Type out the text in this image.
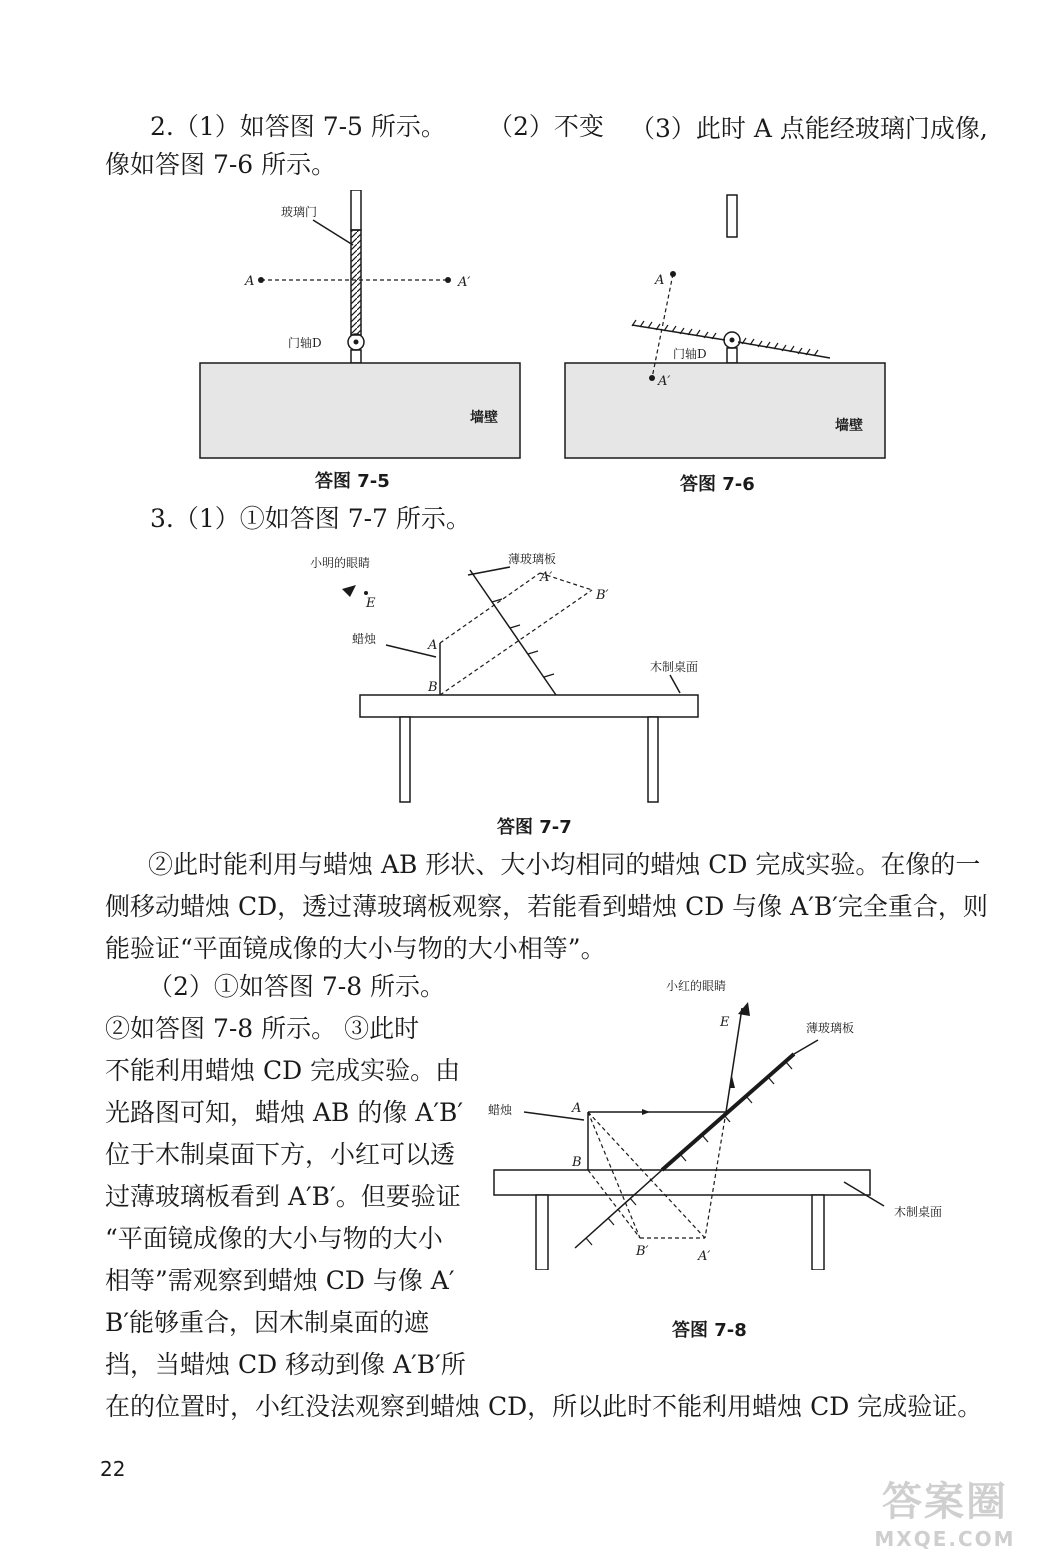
2.（1）如答图 7-5 所示。 （2）不变 （3）此时 A 点能经玻璃门成像,
像如答图 7-6 所示。
玻璃门
A	A′
门轴D
墙壁
答图 7-5
A
A′
门轴D
墙壁
答图 7-6
3.（1）①如答图 7-7 所示。
小明的眼睛
E
薄玻璃板
A′
B′
蜡烛	A
B
木制桌面
答图 7-7
②此时能利用与蜡烛 AB 形状、大小均相同的蜡烛 CD 完成实验。在像的一
侧移动蜡烛 CD，透过薄玻璃板观察，若能看到蜡烛 CD 与像 A′B′完全重合，则
能验证“平面镜成像的大小与物的大小相等”。
（2）①如答图 7-8 所示。
②如答图 7-8 所示。 ③此时
不能利用蜡烛 CD 完成实验。由
光路图可知，蜡烛 AB 的像 A′B′
位于木制桌面下方，小红可以透
过薄玻璃板看到 A′B′。但要验证
“平面镜成像的大小与物的大小
相等”需观察到蜡烛 CD 与像 A′
B′能够重合，因木制桌面的遮
挡，当蜡烛 CD 移动到像 A′B′所
在的位置时，小红没法观察到蜡烛 CD，所以此时不能利用蜡烛 CD 完成验证。
小红的眼睛
E	薄玻璃板
蜡烛	A
B
木制桌面
B′	A′
答图 7-8
22
答案圈
MXQE.COM
